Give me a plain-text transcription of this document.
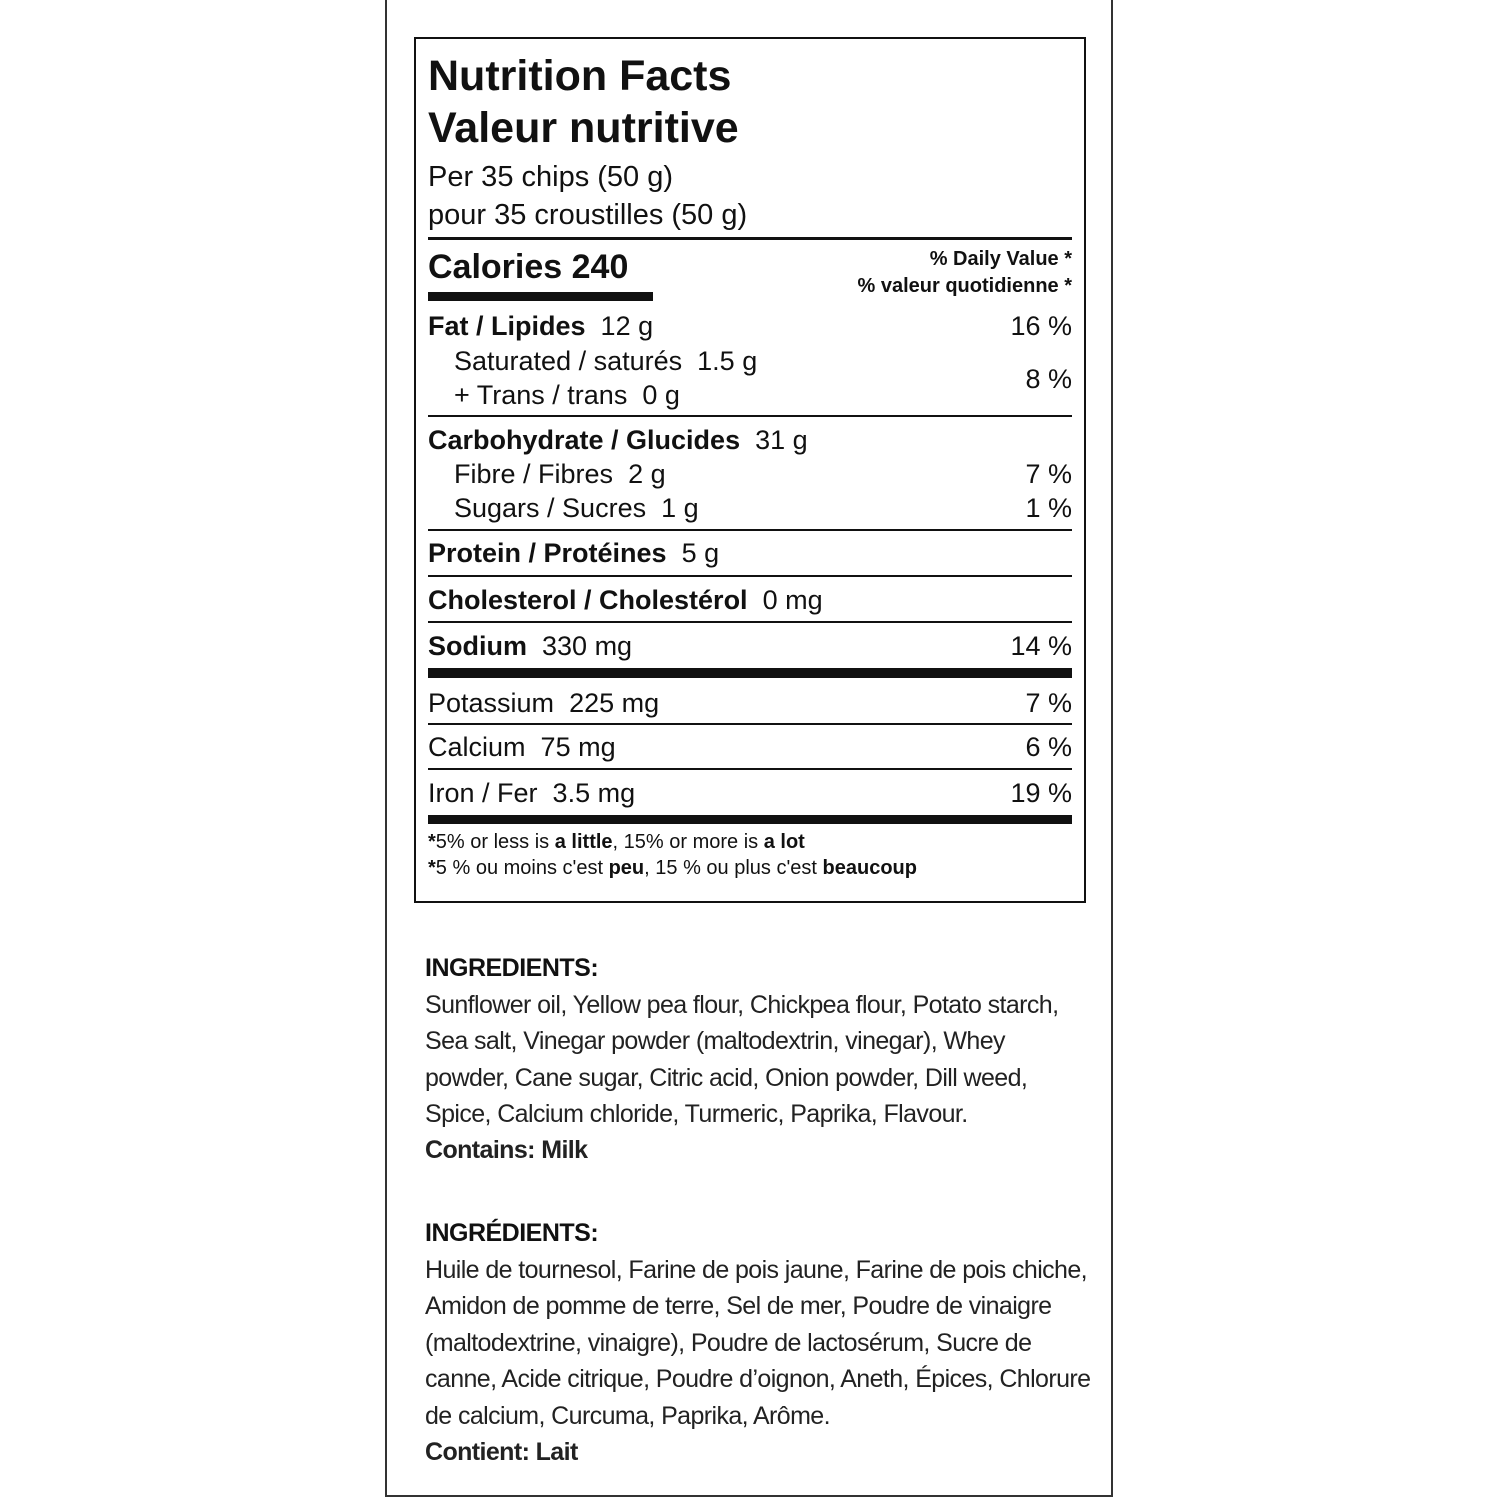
Nutrition Facts
Valeur nutritive
Per 35 chips (50 g)
pour 35 croustilles (50 g)
Calories 240	% Daily Value *
% valeur quotidienne *
Fat / Lipides 12 g	16 %
Saturated / saturés 1.5 g
+ Trans / trans 0 g
8 %
Carbohydrate / Glucides 31 g
Fibre / Fibres 2 g	7 %
Sugars / Sucres 1 g	1 %
Protein / Protéines 5 g
Cholesterol / Cholestérol 0 mg
Sodium 330 mg	14 %
Potassium 225 mg	7 %
Calcium 75 mg	6 %
Iron / Fer 3.5 mg	19 %
*5% or less is a little, 15% or more is a lot
*5 % ou moins c'est peu, 15 % ou plus c'est beaucoup
INGREDIENTS:
Sunflower oil, Yellow pea flour, Chickpea flour, Potato starch,
Sea salt, Vinegar powder (maltodextrin, vinegar), Whey
powder, Cane sugar, Citric acid, Onion powder, Dill weed,
Spice, Calcium chloride, Turmeric, Paprika, Flavour.
Contains: Milk
INGRÉDIENTS:
Huile de tournesol, Farine de pois jaune, Farine de pois chiche,
Amidon de pomme de terre, Sel de mer, Poudre de vinaigre
(maltodextrine, vinaigre), Poudre de lactosérum, Sucre de
canne, Acide citrique, Poudre d’oignon, Aneth, Épices, Chlorure
de calcium, Curcuma, Paprika, Arôme.
Contient: Lait
